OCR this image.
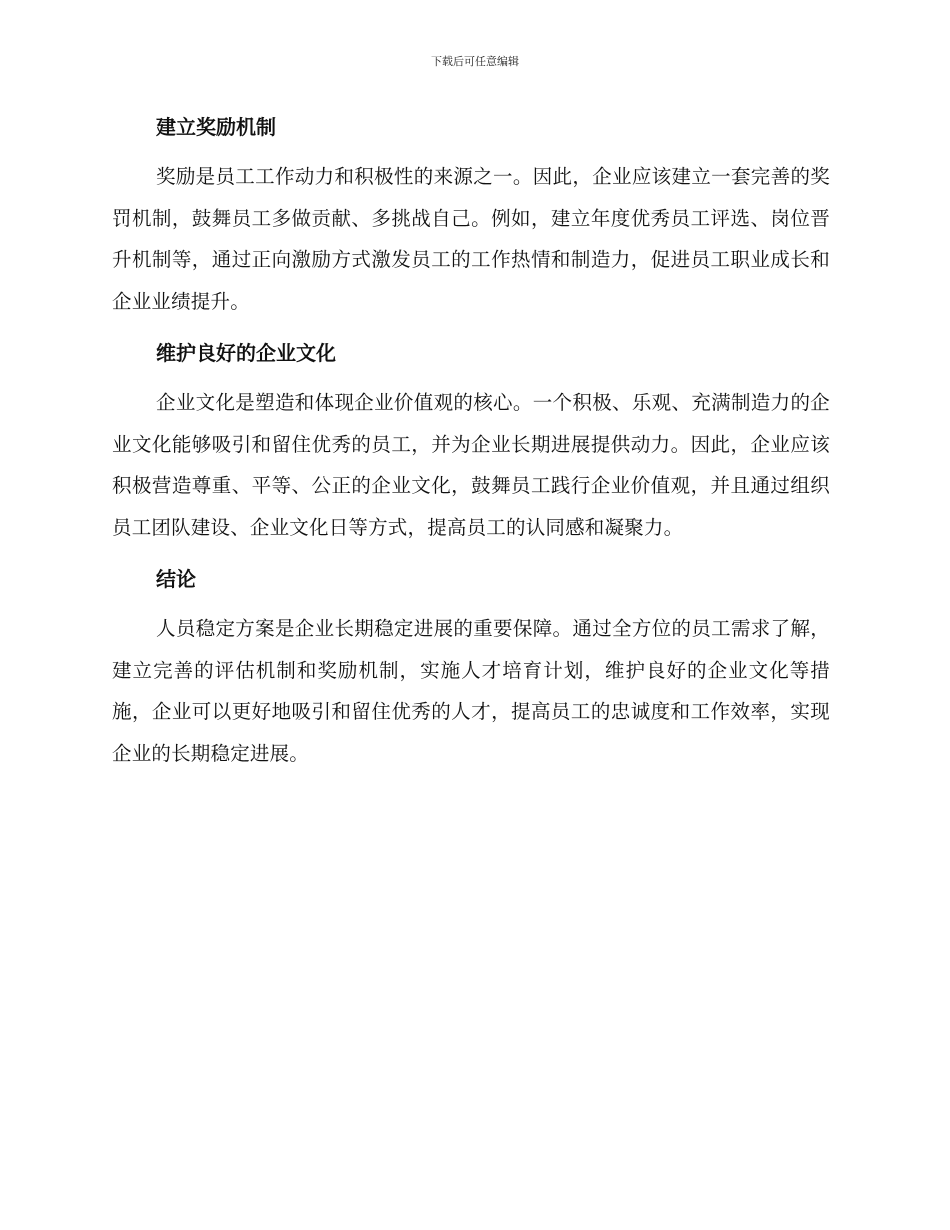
下载后可任意编辑
建立奖励机制

奖励是员工工作动力和积极性的来源之一。因此，企业应该建立一套完善的奖罚机制，鼓舞员工多做贡献、多挑战自己。例如，建立年度优秀员工评选、岗位晋升机制等，通过正向激励方式激发员工的工作热情和制造力，促进员工职业成长和企业业绩提升。

维护良好的企业文化

企业文化是塑造和体现企业价值观的核心。一个积极、乐观、充满制造力的企业文化能够吸引和留住优秀的员工，并为企业长期进展提供动力。因此，企业应该积极营造尊重、平等、公正的企业文化，鼓舞员工践行企业价值观，并且通过组织员工团队建设、企业文化日等方式，提高员工的认同感和凝聚力。

结论

人员稳定方案是企业长期稳定进展的重要保障。通过全方位的员工需求了解，建立完善的评估机制和奖励机制，实施人才培育计划，维护良好的企业文化等措施，企业可以更好地吸引和留住优秀的人才，提高员工的忠诚度和工作效率，实现企业的长期稳定进展。
